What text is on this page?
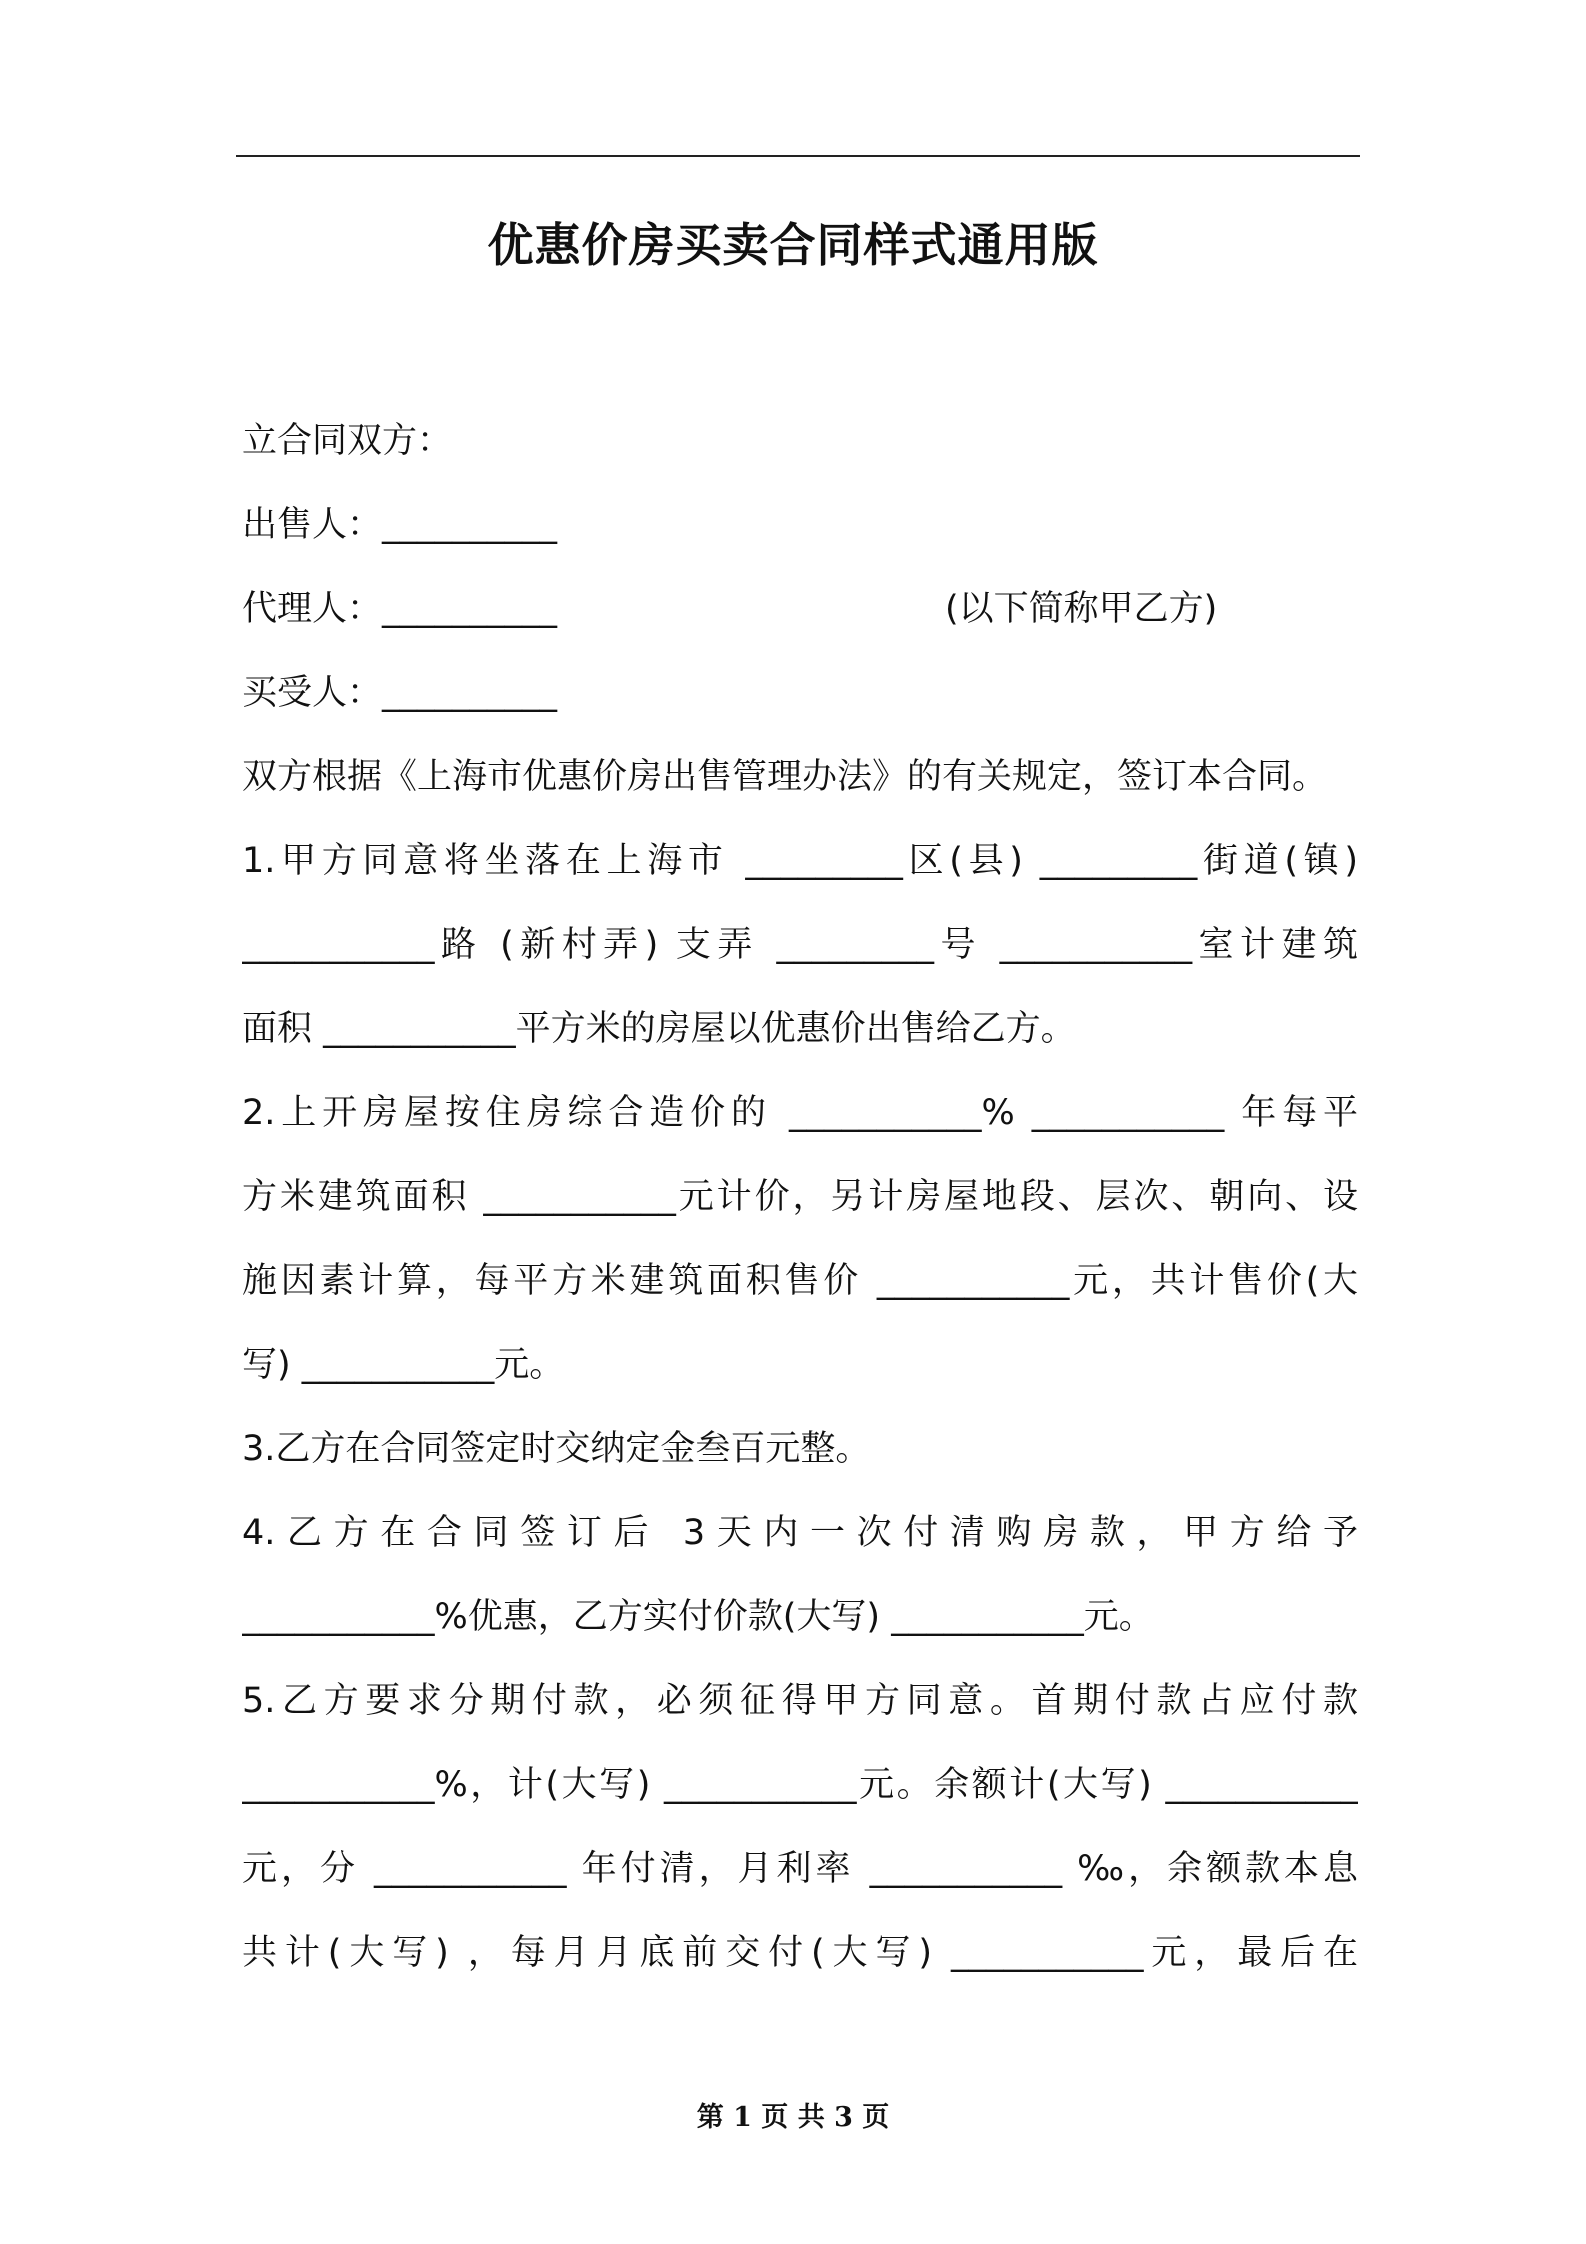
优惠价房买卖合同样式通用版
立合同双方：
出售人：__________
代理人：__________	(以下简称甲乙方)
买受人：__________
双方根据《上海市优惠价房出售管理办法》的有关规定，签订本合同。
1.甲方同意将坐落在上海市 _________区(县) _________街道(镇)
___________路 (新村弄) 支弄 _________号 ___________室计建筑
面积 ___________平方米的房屋以优惠价出售给乙方。
2.上开房屋按住房综合造价的 ___________% ___________ 年每平
方米建筑面积 ___________元计价，另计房屋地段、层次、朝向、设
施因素计算，每平方米建筑面积售价 ___________元，共计售价(大
写) ___________元。
3.乙方在合同签定时交纳定金叁百元整。
4.乙方在合同签订后 3天内一次付清购房款，甲方给予
___________%优惠，乙方实付价款(大写) ___________元。
5.乙方要求分期付款，必须征得甲方同意。首期付款占应付款
___________%，计(大写) ___________元。余额计(大写) ___________
元，分 ___________ 年付清，月利率 ___________ ‰，余额款本息
共计(大写) ，每月月底前交付(大写) ___________元，最后在
第 1 页 共 3 页
